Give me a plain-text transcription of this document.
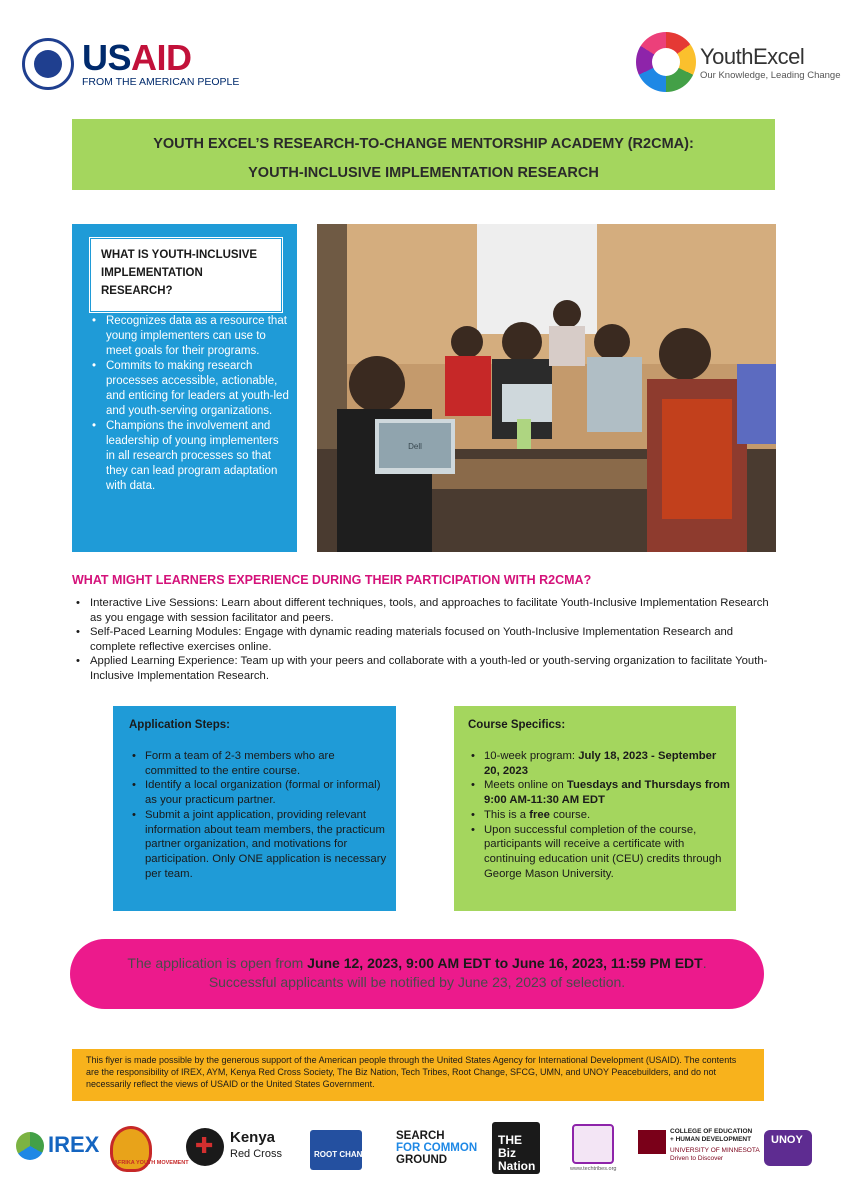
USAID
FROM THE AMERICAN PEOPLE
YouthExcel
Our Knowledge, Leading Change
YOUTH EXCEL’S RESEARCH-TO-CHANGE MENTORSHIP ACADEMY (R2CMA):
YOUTH-INCLUSIVE IMPLEMENTATION RESEARCH
WHAT IS YOUTH-INCLUSIVE IMPLEMENTATION RESEARCH?
• Recognizes data as a resource that young implementers can use to meet goals for their programs.
• Commits to making research processes accessible, actionable, and enticing for leaders at youth-led and youth-serving organizations.
• Champions the involvement and leadership of young implementers in all research processes so that they can lead program adaptation with data.
Dell
WHAT MIGHT LEARNERS EXPERIENCE DURING THEIR PARTICIPATION WITH R2CMA?
• Interactive Live Sessions: Learn about different techniques, tools, and approaches to facilitate Youth-Inclusive Implementation Research as you engage with session facilitator and peers.
• Self-Paced Learning Modules: Engage with dynamic reading materials focused on Youth-Inclusive Implementation Research and complete reflective exercises online.
• Applied Learning Experience: Team up with your peers and collaborate with a youth-led or youth-serving organization to facilitate Youth-Inclusive Implementation Research.
Application Steps:
• Form a team of 2-3 members who are committed to the entire course.
• Identify a local organization (formal or informal) as your practicum partner.
• Submit a joint application, providing relevant information about team members, the practicum partner organization, and motivations for participation. Only ONE application is necessary per team.
Course Specifics:
• 10-week program: July 18, 2023 - September 20, 2023
• Meets online on Tuesdays and Thursdays from 9:00 AM-11:30 AM EDT
• This is a free course.
• Upon successful completion of the course, participants will receive a certificate with continuing education unit (CEU) credits through George Mason University.
The application is open from June 12, 2023, 9:00 AM EDT to June 16, 2023, 11:59 PM EDT.
Successful applicants will be notified by June 23, 2023 of selection.
This flyer is made possible by the generous support of the American people through the United States Agency for International Development (USAID). The contents are the responsibility of IREX, AYM, Kenya Red Cross Society, The Biz Nation, Tech Tribes, Root Change, SFCG, UMN, and UNOY Peacebuilders, and do not necessarily reflect the views of USAID or the United States Government.
IREX
AFRIKA YOUTH MOVEMENT
✚
Kenya
Red Cross	ROOT CHANGE
SEARCH
FOR COMMON
GROUND
THE
Biz
Nation	www.techtribes.org
COLLEGE OF EDUCATION
+ HUMAN DEVELOPMENT
UNIVERSITY OF MINNESOTA
Driven to Discover
UNOY
